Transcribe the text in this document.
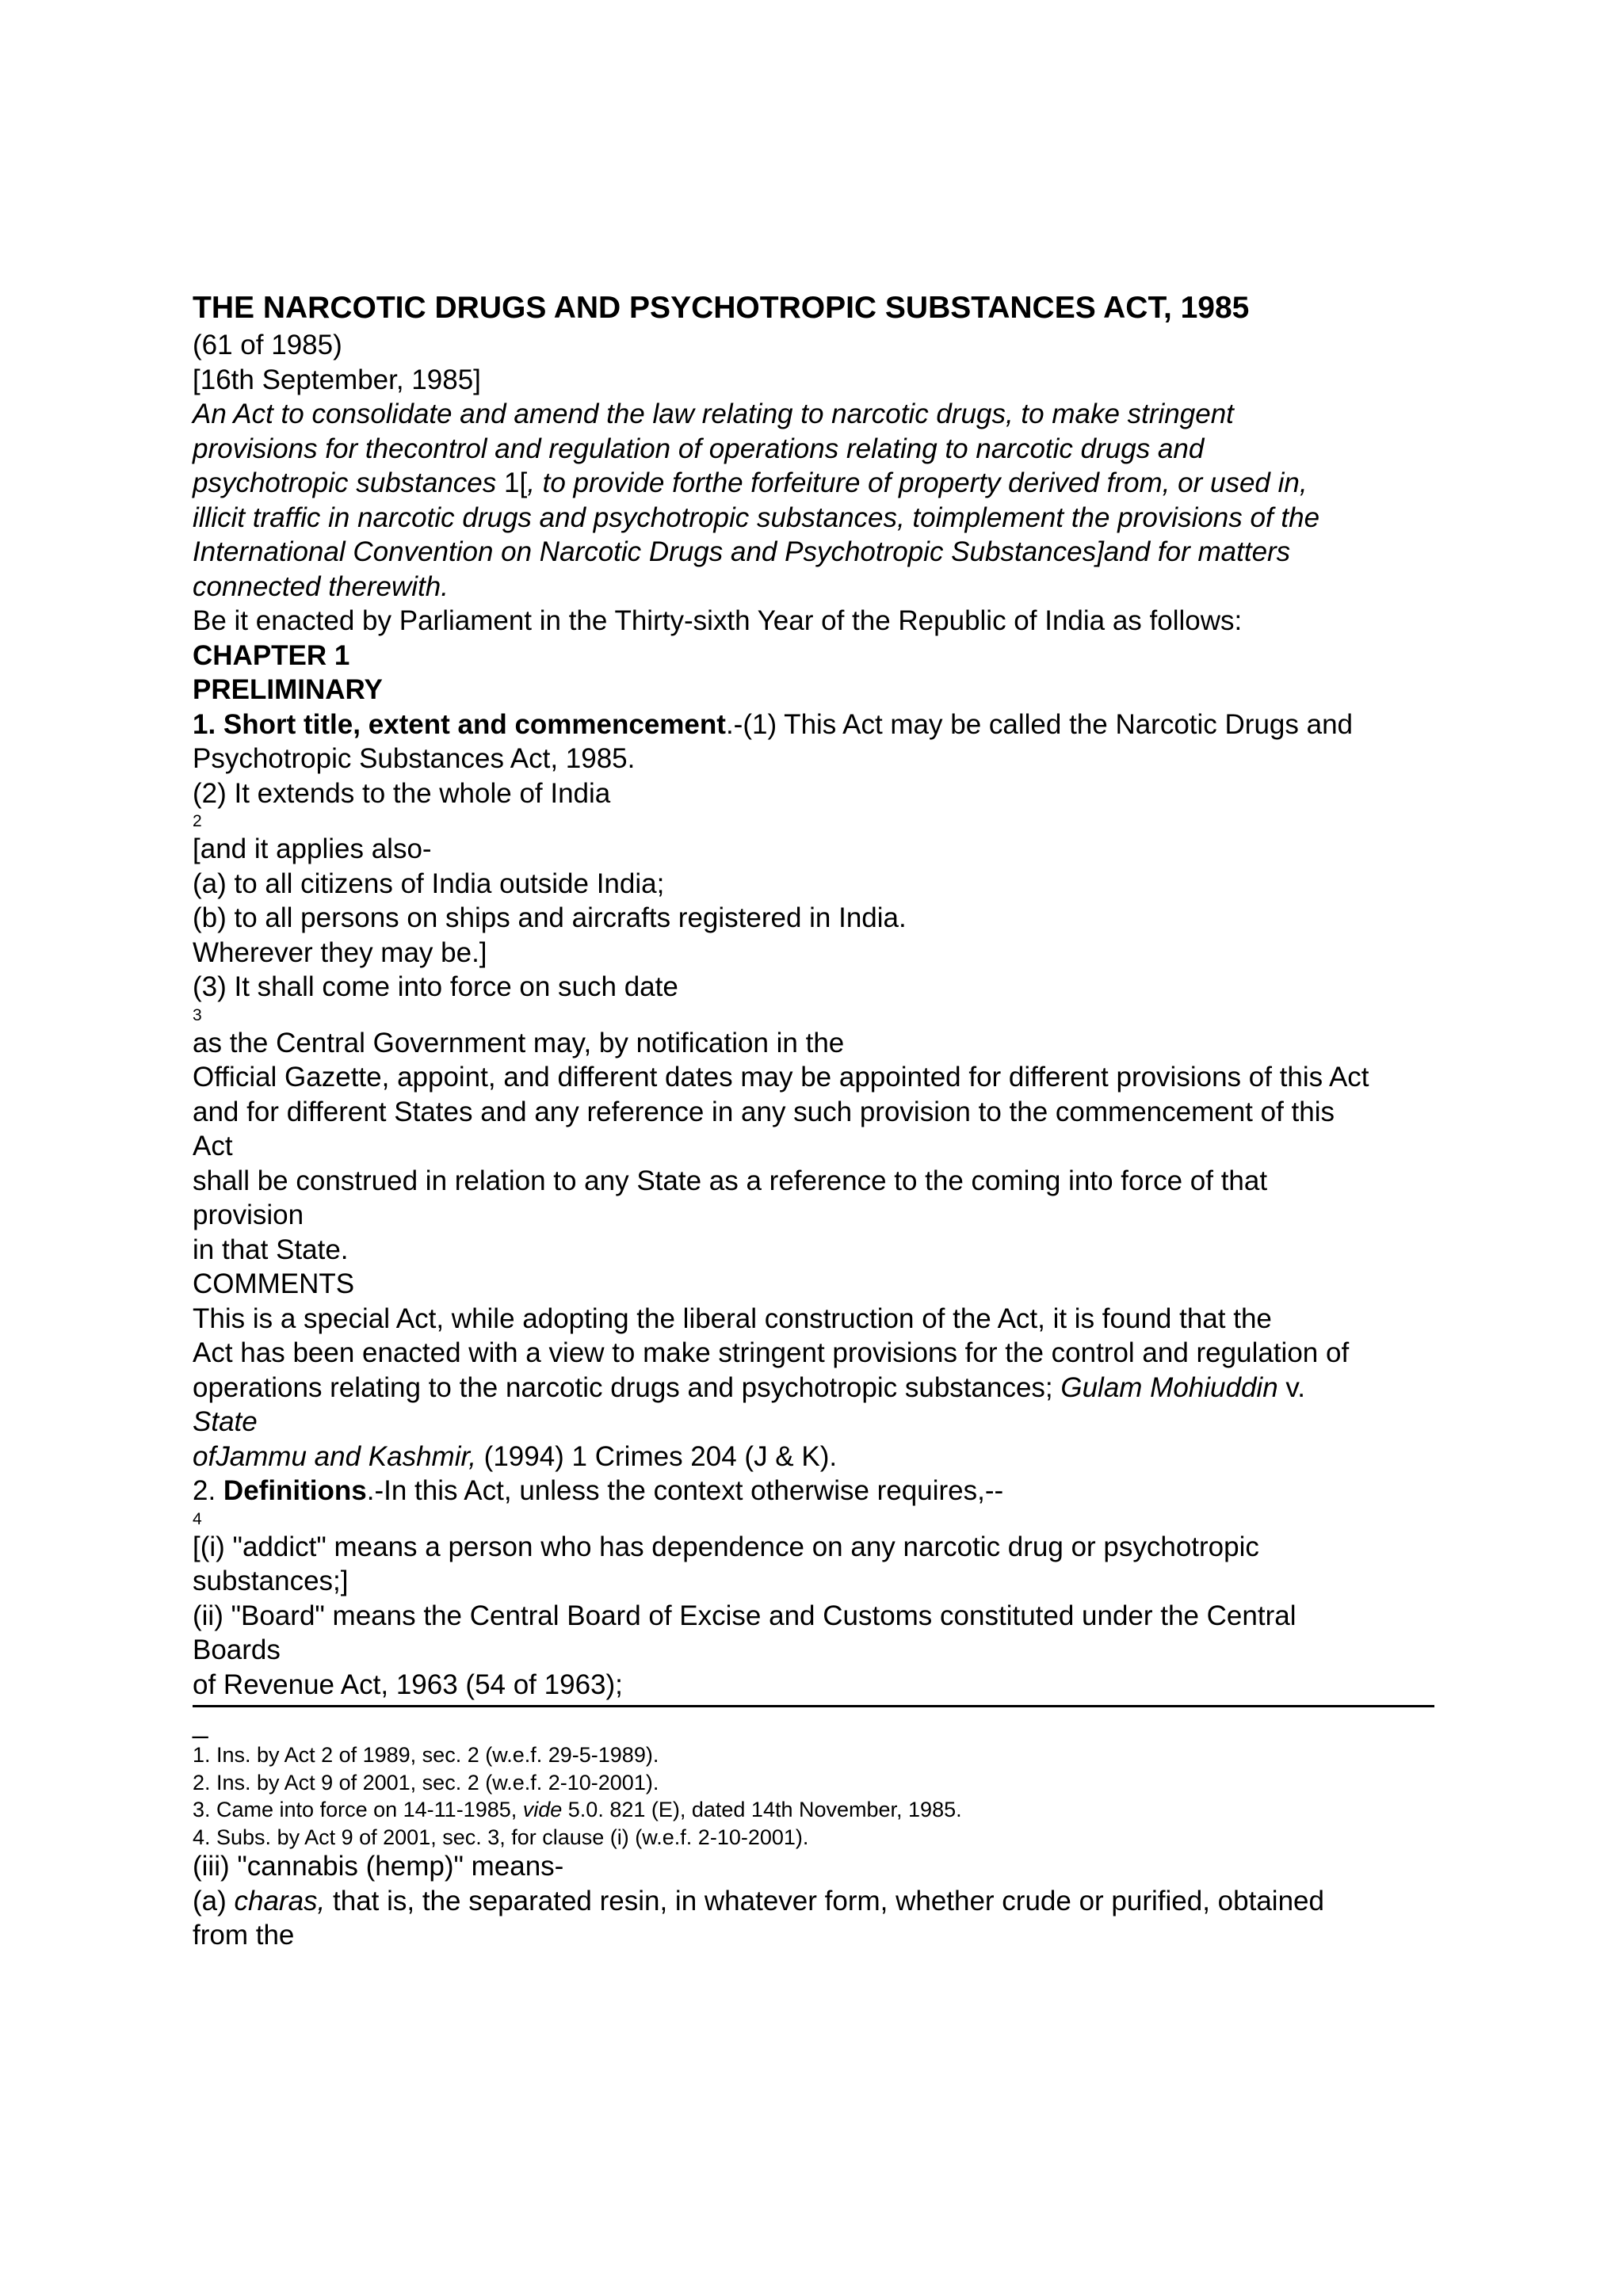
THE NARCOTIC DRUGS AND PSYCHOTROPIC SUBSTANCES ACT, 1985
(61 of 1985)
[16th September, 1985]
An Act to consolidate and amend the law relating to narcotic drugs, to make stringent
provisions for thecontrol and regulation of operations relating to narcotic drugs and
psychotropic substances 1[, to provide forthe forfeiture of property derived from, or used in,
illicit traffic in narcotic drugs and psychotropic substances, toimplement the provisions of the
International Convention on Narcotic Drugs and Psychotropic Substances]and for matters
connected therewith.
Be it enacted by Parliament in the Thirty-sixth Year of the Republic of India as follows:
CHAPTER 1
PRELIMINARY
1. Short title, extent and commencement.-(1) This Act may be called the Narcotic Drugs and
Psychotropic Substances Act, 1985.
(2) It extends to the whole of India
2
[and it applies also-
(a) to all citizens of India outside India;
(b) to all persons on ships and aircrafts registered in India.
Wherever they may be.]
(3) It shall come into force on such date
3
as the Central Government may, by notification in the
Official Gazette, appoint, and different dates may be appointed for different provisions of this Act
and for different States and any reference in any such provision to the commencement of this
Act
shall be construed in relation to any State as a reference to the coming into force of that
provision
in that State.
COMMENTS
This is a special Act, while adopting the liberal construction of the Act, it is found that the
Act has been enacted with a view to make stringent provisions for the control and regulation of
operations relating to the narcotic drugs and psychotropic substances; Gulam Mohiuddin v.
State
ofJammu and Kashmir, (1994) 1 Crimes 204 (J & K).
2. Definitions.-In this Act, unless the context otherwise requires,--
4
[(i) "addict" means a person who has dependence on any narcotic drug or psychotropic
substances;]
(ii) "Board" means the Central Board of Excise and Customs constituted under the Central
Boards
of Revenue Act, 1963 (54 of 1963);
_
1. Ins. by Act 2 of 1989, sec. 2 (w.e.f. 29-5-1989).
2. Ins. by Act 9 of 2001, sec. 2 (w.e.f. 2-10-2001).
3. Came into force on 14-11-1985, vide 5.0. 821 (E), dated 14th November, 1985.
4. Subs. by Act 9 of 2001, sec. 3, for clause (i) (w.e.f. 2-10-2001).
(iii) "cannabis (hemp)" means-
(a) charas, that is, the separated resin, in whatever form, whether crude or purified, obtained
from the
